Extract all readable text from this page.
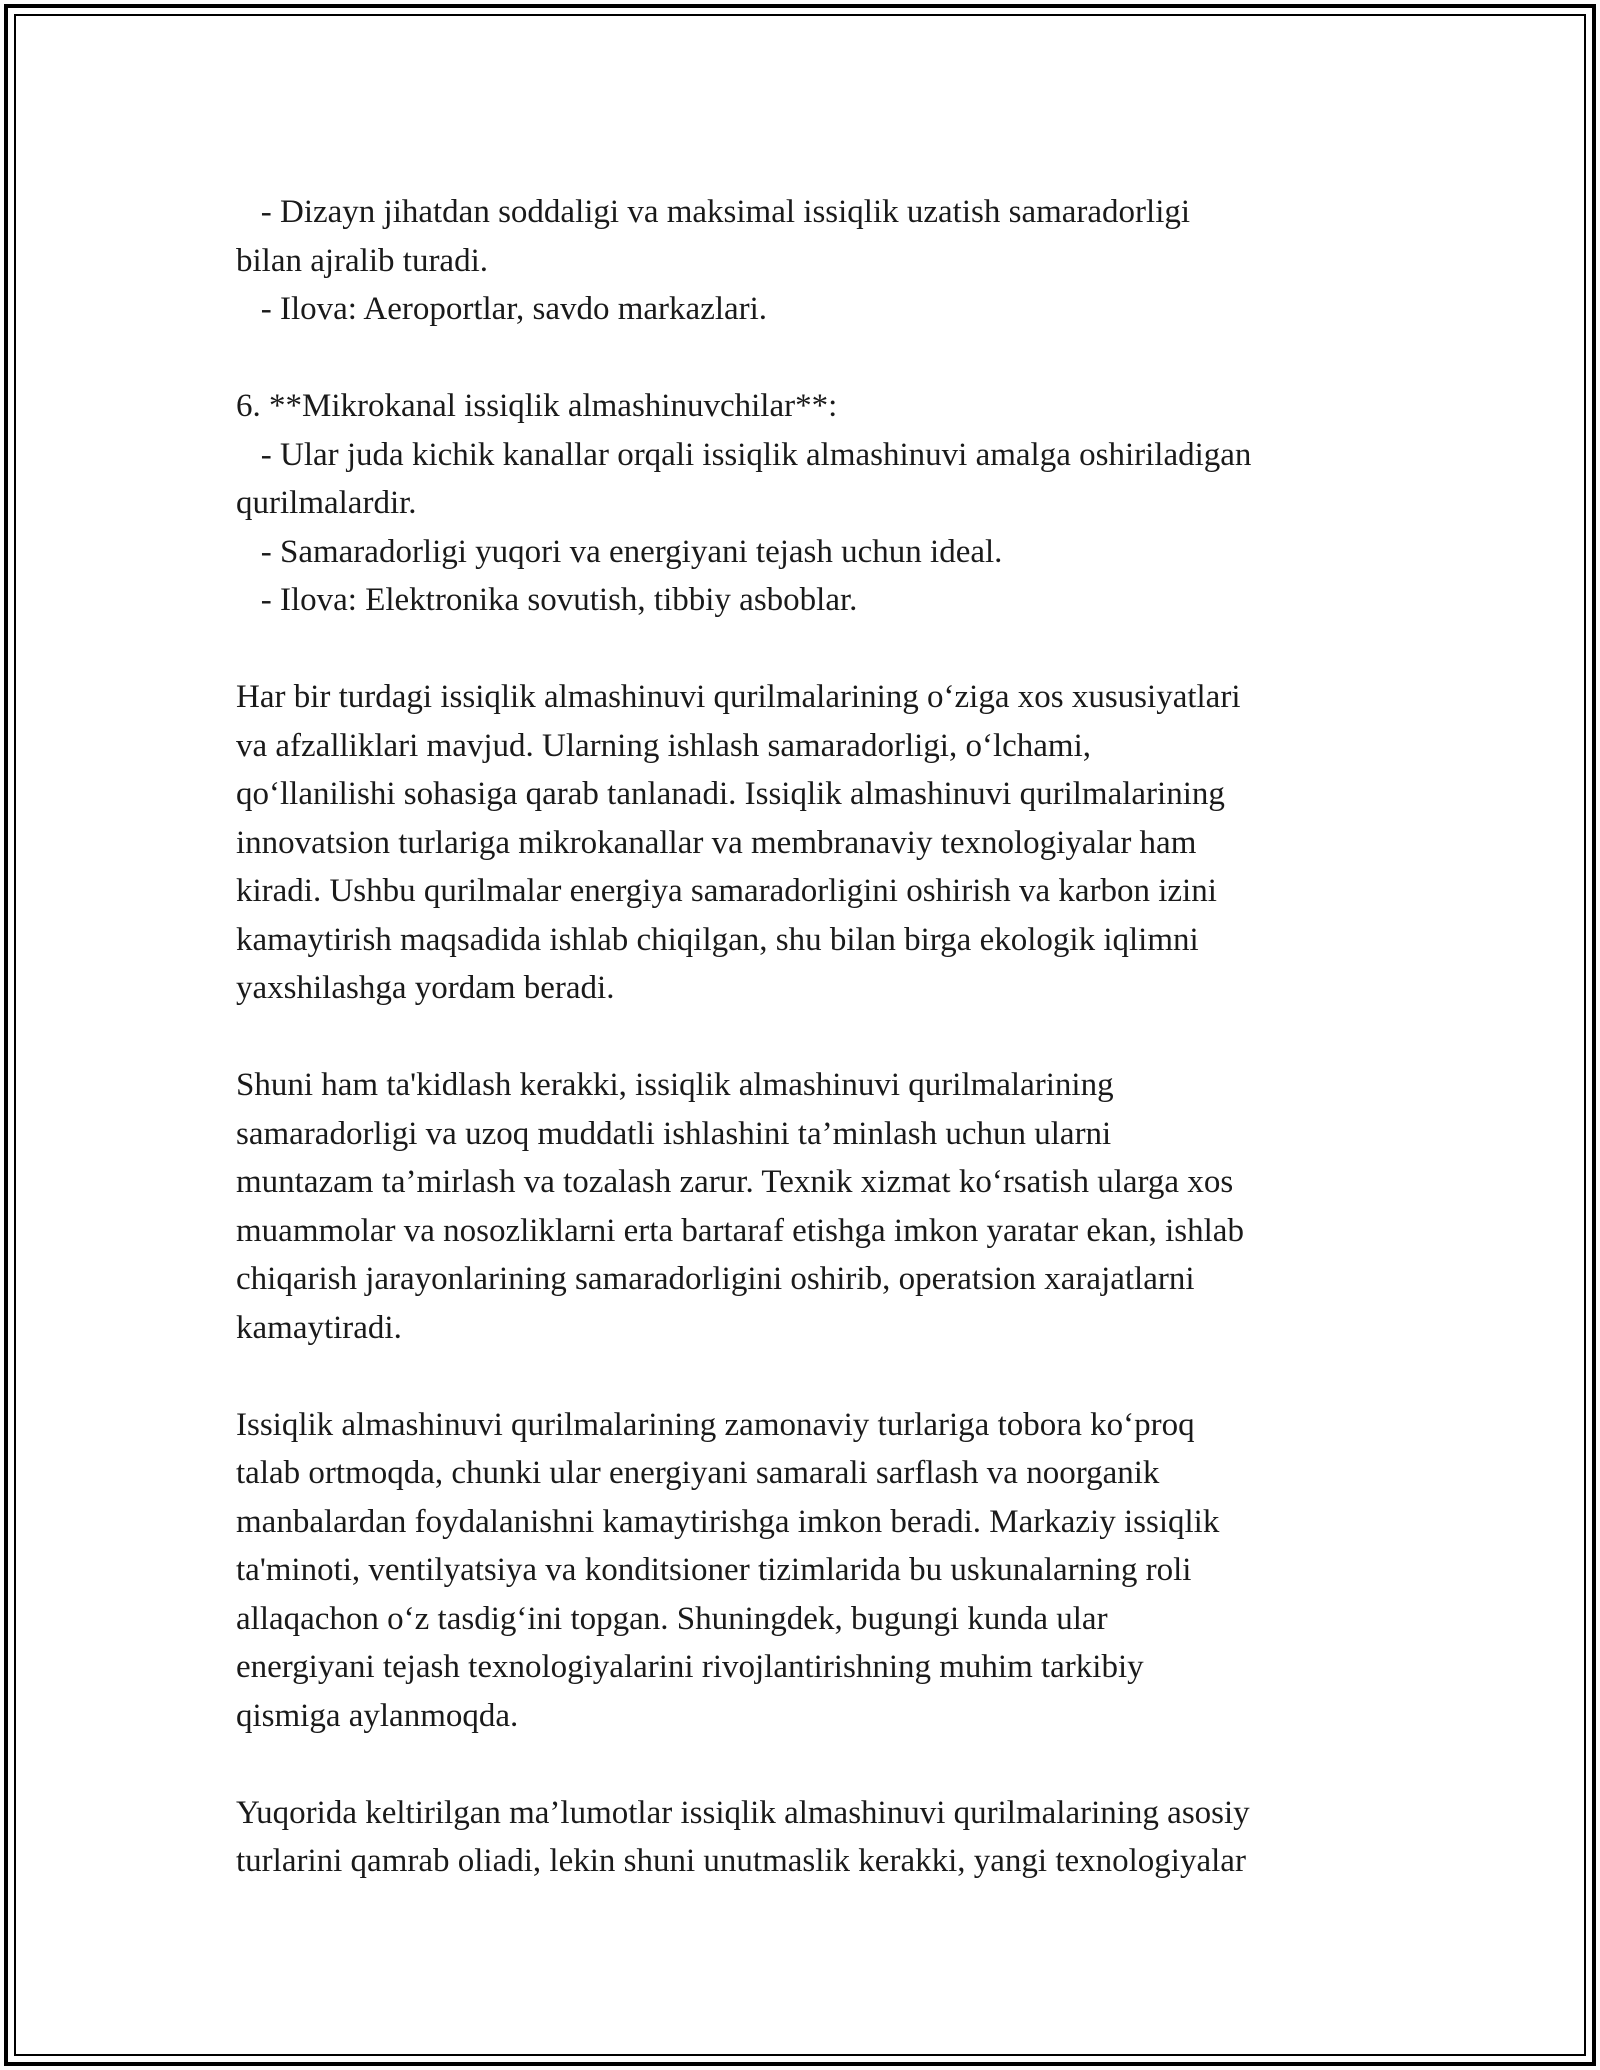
- Dizayn jihatdan soddaligi va maksimal issiqlik uzatish samaradorligi
bilan ajralib turadi.
- Ilova: Aeroportlar, savdo markazlari.
6. **Mikrokanal issiqlik almashinuvchilar**:
- Ular juda kichik kanallar orqali issiqlik almashinuvi amalga oshiriladigan
qurilmalardir.
- Samaradorligi yuqori va energiyani tejash uchun ideal.
- Ilova: Elektronika sovutish, tibbiy asboblar.
Har bir turdagi issiqlik almashinuvi qurilmalarining o‘ziga xos xususiyatlari
va afzalliklari mavjud. Ularning ishlash samaradorligi, o‘lchami,
qo‘llanilishi sohasiga qarab tanlanadi. Issiqlik almashinuvi qurilmalarining
innovatsion turlariga mikrokanallar va membranaviy texnologiyalar ham
kiradi. Ushbu qurilmalar energiya samaradorligini oshirish va karbon izini
kamaytirish maqsadida ishlab chiqilgan, shu bilan birga ekologik iqlimni
yaxshilashga yordam beradi.
Shuni ham ta'kidlash kerakki, issiqlik almashinuvi qurilmalarining
samaradorligi va uzoq muddatli ishlashini ta’minlash uchun ularni
muntazam ta’mirlash va tozalash zarur. Texnik xizmat ko‘rsatish ularga xos
muammolar va nosozliklarni erta bartaraf etishga imkon yaratar ekan, ishlab
chiqarish jarayonlarining samaradorligini oshirib, operatsion xarajatlarni
kamaytiradi.
Issiqlik almashinuvi qurilmalarining zamonaviy turlariga tobora ko‘proq
talab ortmoqda, chunki ular energiyani samarali sarflash va noorganik
manbalardan foydalanishni kamaytirishga imkon beradi. Markaziy issiqlik
ta'minoti, ventilyatsiya va konditsioner tizimlarida bu uskunalarning roli
allaqachon o‘z tasdig‘ini topgan. Shuningdek, bugungi kunda ular
energiyani tejash texnologiyalarini rivojlantirishning muhim tarkibiy
qismiga aylanmoqda.
Yuqorida keltirilgan ma’lumotlar issiqlik almashinuvi qurilmalarining asosiy
turlarini qamrab oliadi, lekin shuni unutmaslik kerakki, yangi texnologiyalar
